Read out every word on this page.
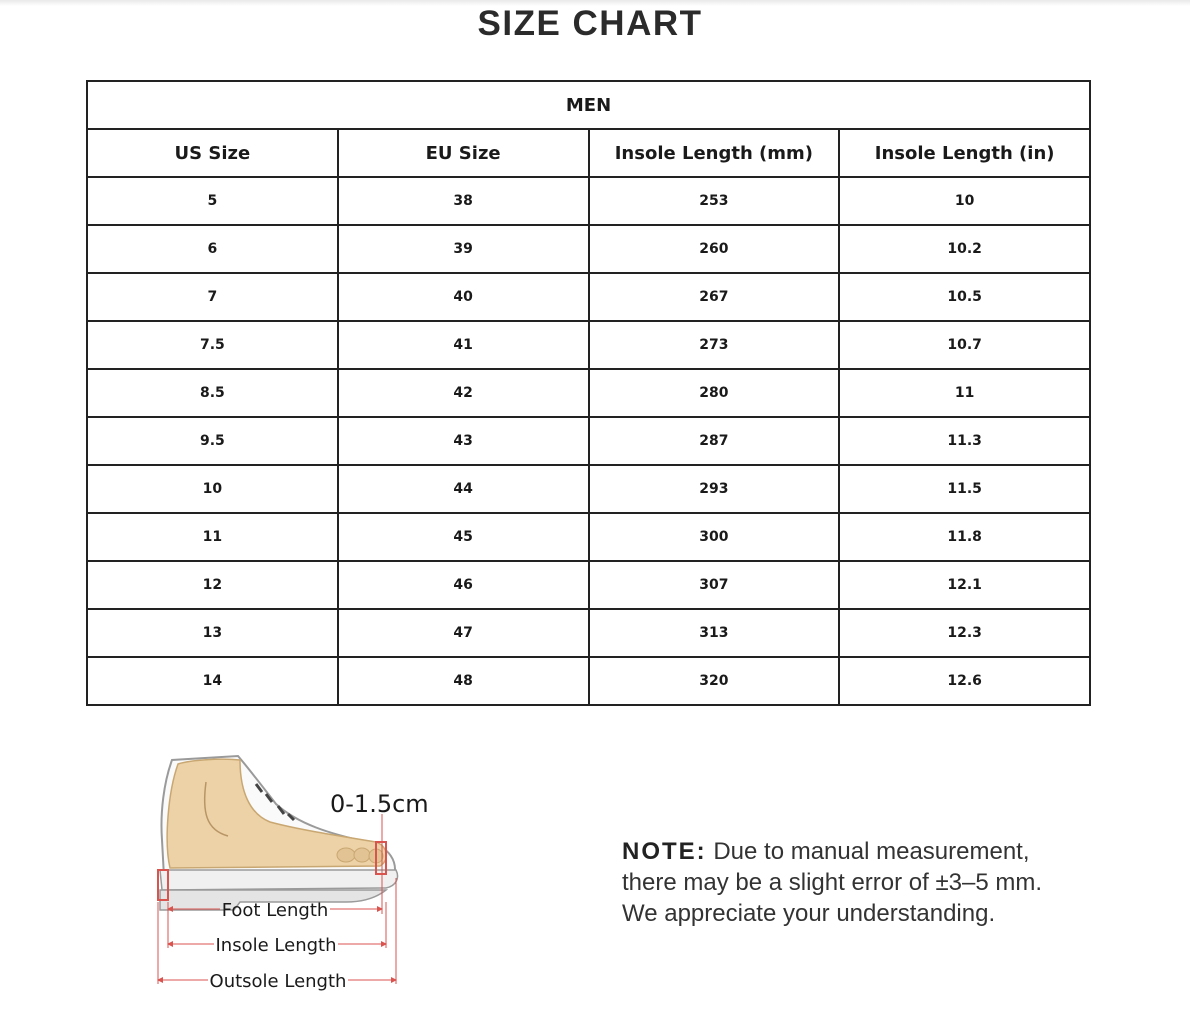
SIZE CHART
MEN			
US Size	EU Size	Insole Length (mm)	Insole Length (in)
5	38	253	10
6	39	260	10.2
7	40	267	10.5
7.5	41	273	10.7
8.5	42	280	11
9.5	43	287	11.3
10	44	293	11.5
11	45	300	11.8
12	46	307	12.1
13	47	313	12.3
14	48	320	12.6
0-1.5cm
Foot Length
Insole Length
Outsole Length
NOTE: Due to manual measurement,
there may be a slight error of ±3–5 mm.
We appreciate your understanding.
